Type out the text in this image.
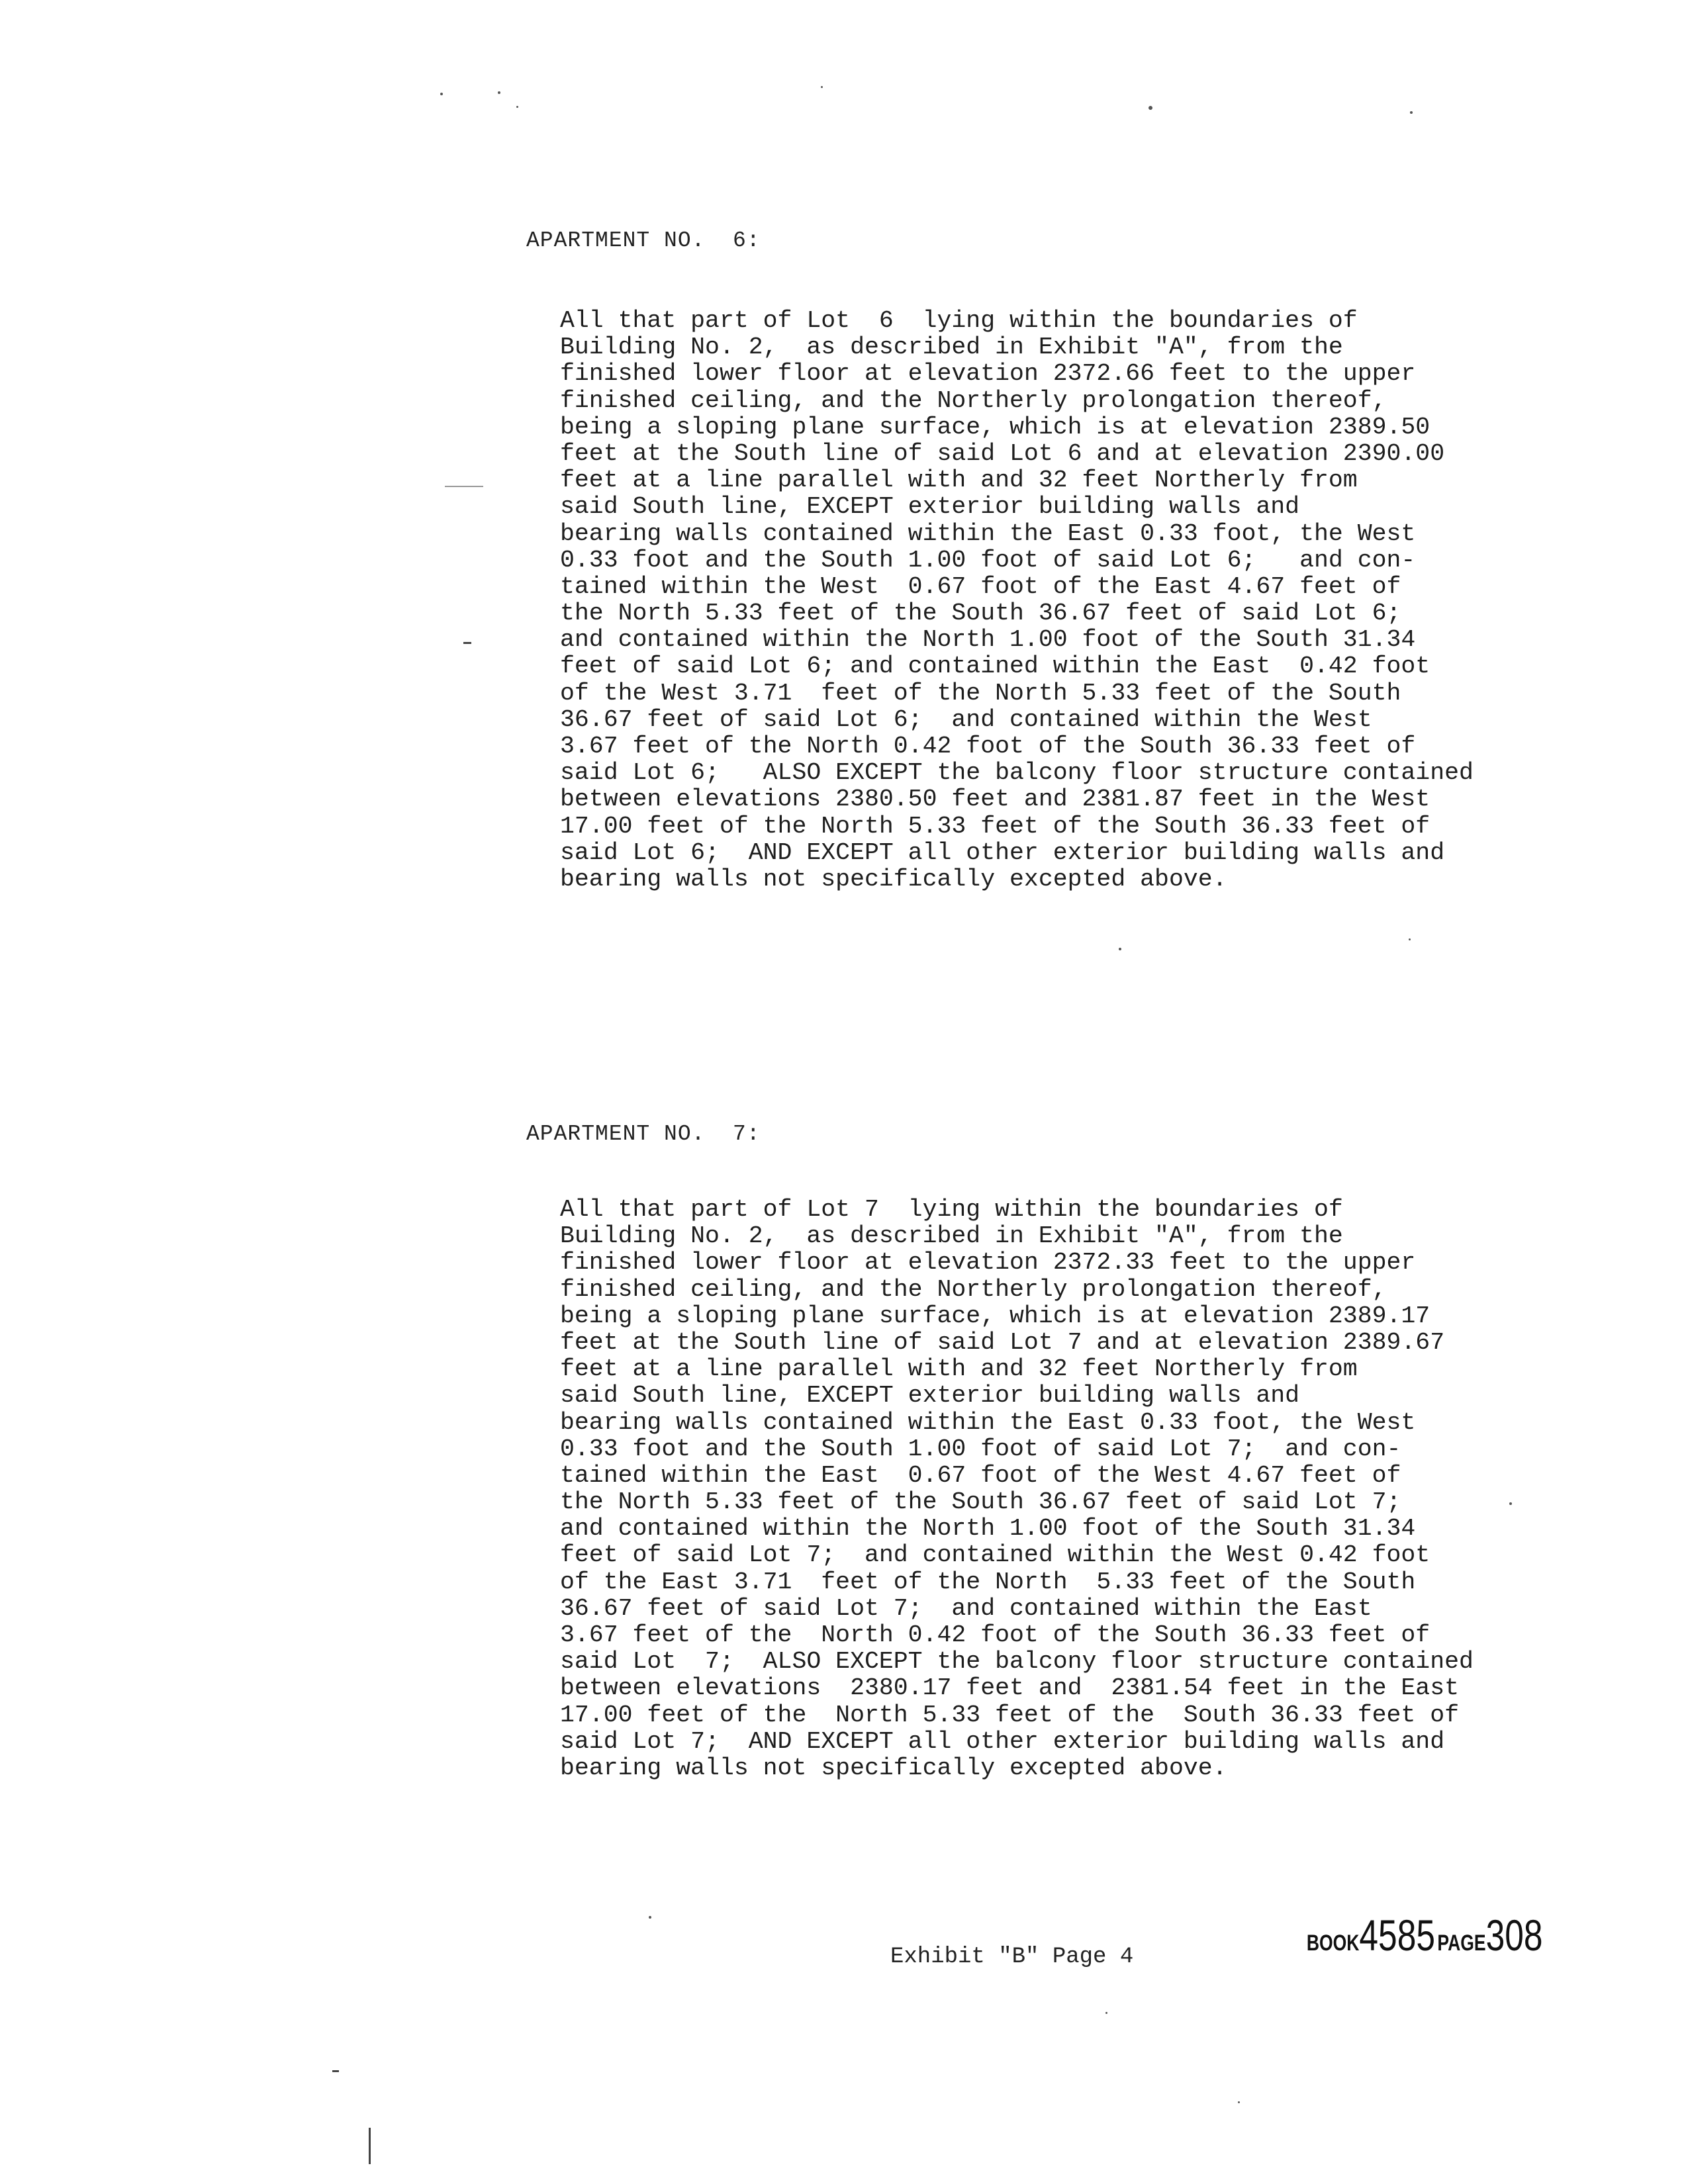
APARTMENT NO.  6:
All that part of Lot  6  lying within the boundaries of
Building No. 2,  as described in Exhibit "A", from the
finished lower floor at elevation 2372.66 feet to the upper
finished ceiling, and the Northerly prolongation thereof,
being a sloping plane surface, which is at elevation 2389.50
feet at the South line of said Lot 6 and at elevation 2390.00
feet at a line parallel with and 32 feet Northerly from
said South line, EXCEPT exterior building walls and
bearing walls contained within the East 0.33 foot, the West
0.33 foot and the South 1.00 foot of said Lot 6;   and con-
tained within the West  0.67 foot of the East 4.67 feet of
the North 5.33 feet of the South 36.67 feet of said Lot 6;
and contained within the North 1.00 foot of the South 31.34
feet of said Lot 6; and contained within the East  0.42 foot
of the West 3.71  feet of the North 5.33 feet of the South
36.67 feet of said Lot 6;  and contained within the West
3.67 feet of the North 0.42 foot of the South 36.33 feet of
said Lot 6;   ALSO EXCEPT the balcony floor structure contained
between elevations 2380.50 feet and 2381.87 feet in the West
17.00 feet of the North 5.33 feet of the South 36.33 feet of
said Lot 6;  AND EXCEPT all other exterior building walls and
bearing walls not specifically excepted above.
APARTMENT NO.  7:
All that part of Lot 7  lying within the boundaries of
Building No. 2,  as described in Exhibit "A", from the
finished lower floor at elevation 2372.33 feet to the upper
finished ceiling, and the Northerly prolongation thereof,
being a sloping plane surface, which is at elevation 2389.17
feet at the South line of said Lot 7 and at elevation 2389.67
feet at a line parallel with and 32 feet Northerly from
said South line, EXCEPT exterior building walls and
bearing walls contained within the East 0.33 foot, the West
0.33 foot and the South 1.00 foot of said Lot 7;  and con-
tained within the East  0.67 foot of the West 4.67 feet of
the North 5.33 feet of the South 36.67 feet of said Lot 7;
and contained within the North 1.00 foot of the South 31.34
feet of said Lot 7;  and contained within the West 0.42 foot
of the East 3.71  feet of the North  5.33 feet of the South
36.67 feet of said Lot 7;  and contained within the East
3.67 feet of the  North 0.42 foot of the South 36.33 feet of
said Lot  7;  ALSO EXCEPT the balcony floor structure contained
between elevations  2380.17 feet and  2381.54 feet in the East
17.00 feet of the  North 5.33 feet of the  South 36.33 feet of
said Lot 7;  AND EXCEPT all other exterior building walls and
bearing walls not specifically excepted above.

BOOK4585 PAGE308

Exhibit "B" Page 4
